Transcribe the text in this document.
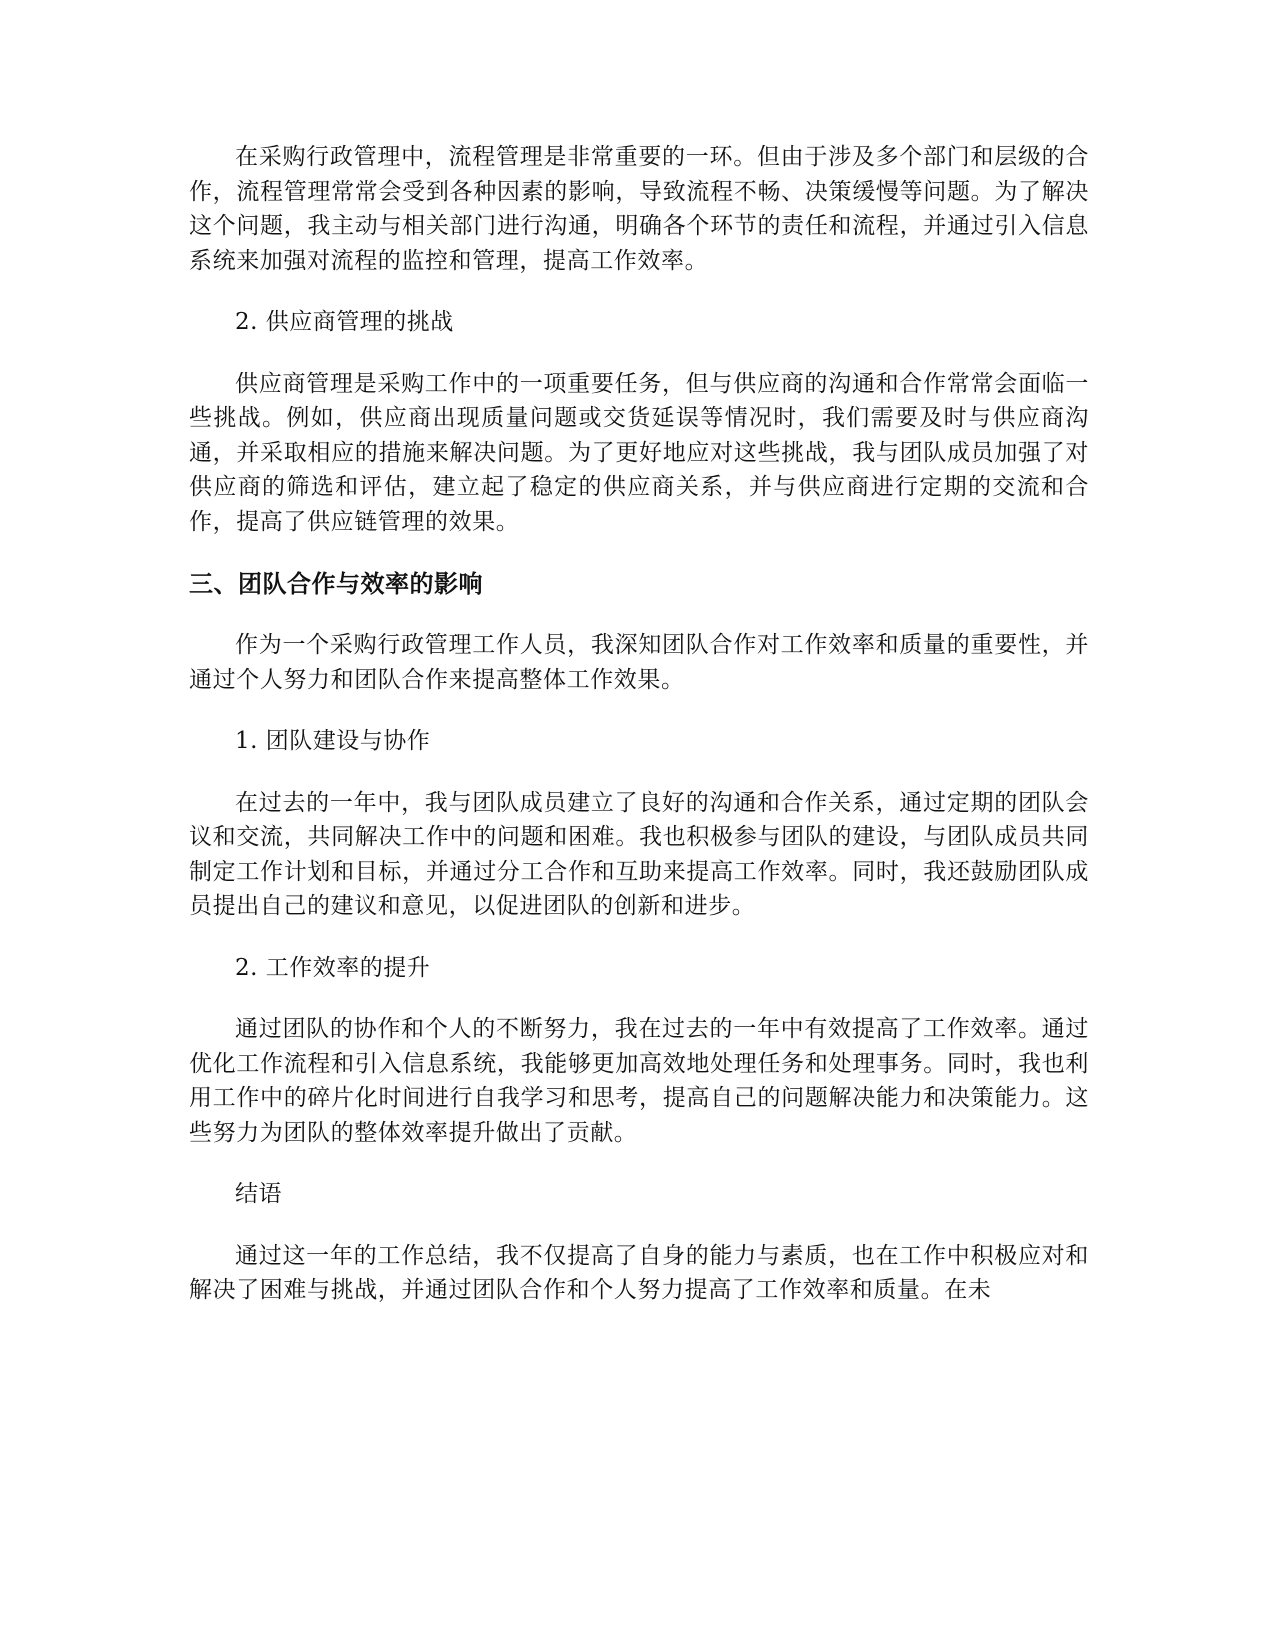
在采购行政管理中，流程管理是非常重要的一环。但由于涉及多个部门和层级的合作，流程管理常常会受到各种因素的影响，导致流程不畅、决策缓慢等问题。为了解决这个问题，我主动与相关部门进行沟通，明确各个环节的责任和流程，并通过引入信息系统来加强对流程的监控和管理，提高工作效率。

2. 供应商管理的挑战

供应商管理是采购工作中的一项重要任务，但与供应商的沟通和合作常常会面临一些挑战。例如，供应商出现质量问题或交货延误等情况时，我们需要及时与供应商沟通，并采取相应的措施来解决问题。为了更好地应对这些挑战，我与团队成员加强了对供应商的筛选和评估，建立起了稳定的供应商关系，并与供应商进行定期的交流和合作，提高了供应链管理的效果。

三、团队合作与效率的影响

作为一个采购行政管理工作人员，我深知团队合作对工作效率和质量的重要性，并通过个人努力和团队合作来提高整体工作效果。

1. 团队建设与协作

在过去的一年中，我与团队成员建立了良好的沟通和合作关系，通过定期的团队会议和交流，共同解决工作中的问题和困难。我也积极参与团队的建设，与团队成员共同制定工作计划和目标，并通过分工合作和互助来提高工作效率。同时，我还鼓励团队成员提出自己的建议和意见，以促进团队的创新和进步。

2. 工作效率的提升

通过团队的协作和个人的不断努力，我在过去的一年中有效提高了工作效率。通过优化工作流程和引入信息系统，我能够更加高效地处理任务和处理事务。同时，我也利用工作中的碎片化时间进行自我学习和思考，提高自己的问题解决能力和决策能力。这些努力为团队的整体效率提升做出了贡献。

结语

通过这一年的工作总结，我不仅提高了自身的能力与素质，也在工作中积极应对和解决了困难与挑战，并通过团队合作和个人努力提高了工作效率和质量。在未
